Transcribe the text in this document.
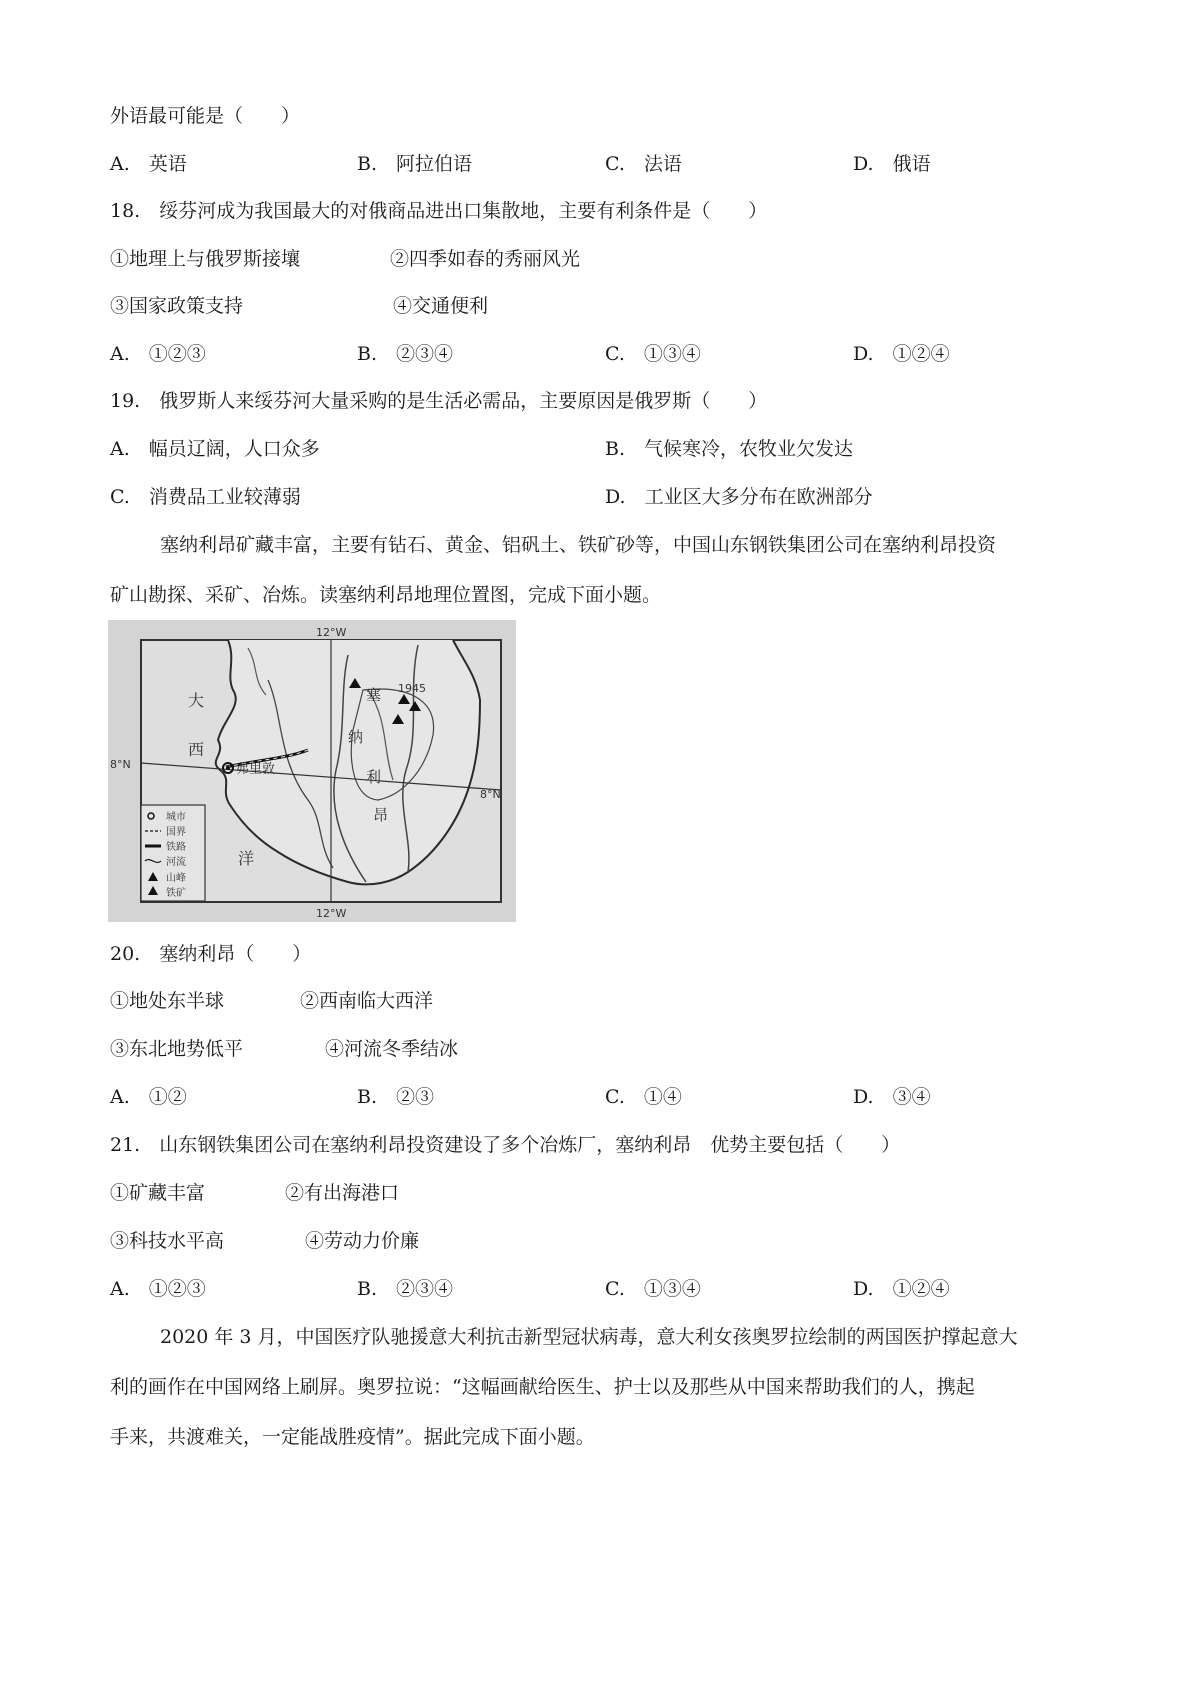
外语最可能是（　　）
A.　英语	B.　阿拉伯语	C.　法语	D.　俄语
18.　绥芬河成为我国最大的对俄商品进出口集散地，主要有利条件是（　　）
①地理上与俄罗斯接壤	②四季如春的秀丽风光
③国家政策支持	④交通便利
A.　①②③	B.　②③④	C.　①③④	D.　①②④
19.　俄罗斯人来绥芬河大量采购的是生活必需品，主要原因是俄罗斯（　　）
A.　幅员辽阔，人口众多	B.　气候寒冷，农牧业欠发达
C.　消费品工业较薄弱	D.　工业区大多分布在欧洲部分
塞纳利昂矿藏丰富，主要有钻石、黄金、铝矾土、铁矿砂等，中国山东钢铁集团公司在塞纳利昂投资
矿山勘探、采矿、冶炼。读塞纳利昂地理位置图，完成下面小题。
12°W
12°W
8°N
8°N
1945
弗里敦
大
西
洋
塞
纳
利
昂
城市
国界
铁路
河流
山峰
铁矿
20.　塞纳利昂（　　）
①地处东半球	②西南临大西洋
③东北地势低平	④河流冬季结冰
A.　①②	B.　②③	C.　①④	D.　③④
21.　山东钢铁集团公司在塞纳利昂投资建设了多个冶炼厂，塞纳利昂　优势主要包括（　　）
①矿藏丰富	②有出海港口
③科技水平高	④劳动力价廉
A.　①②③	B.　②③④	C.　①③④	D.　①②④
2020 年 3 月，中国医疗队驰援意大利抗击新型冠状病毒，意大利女孩奥罗拉绘制的两国医护撑起意大
利的画作在中国网络上刷屏。奥罗拉说：“这幅画献给医生、护士以及那些从中国来帮助我们的人，携起
手来，共渡难关，一定能战胜疫情”。据此完成下面小题。
